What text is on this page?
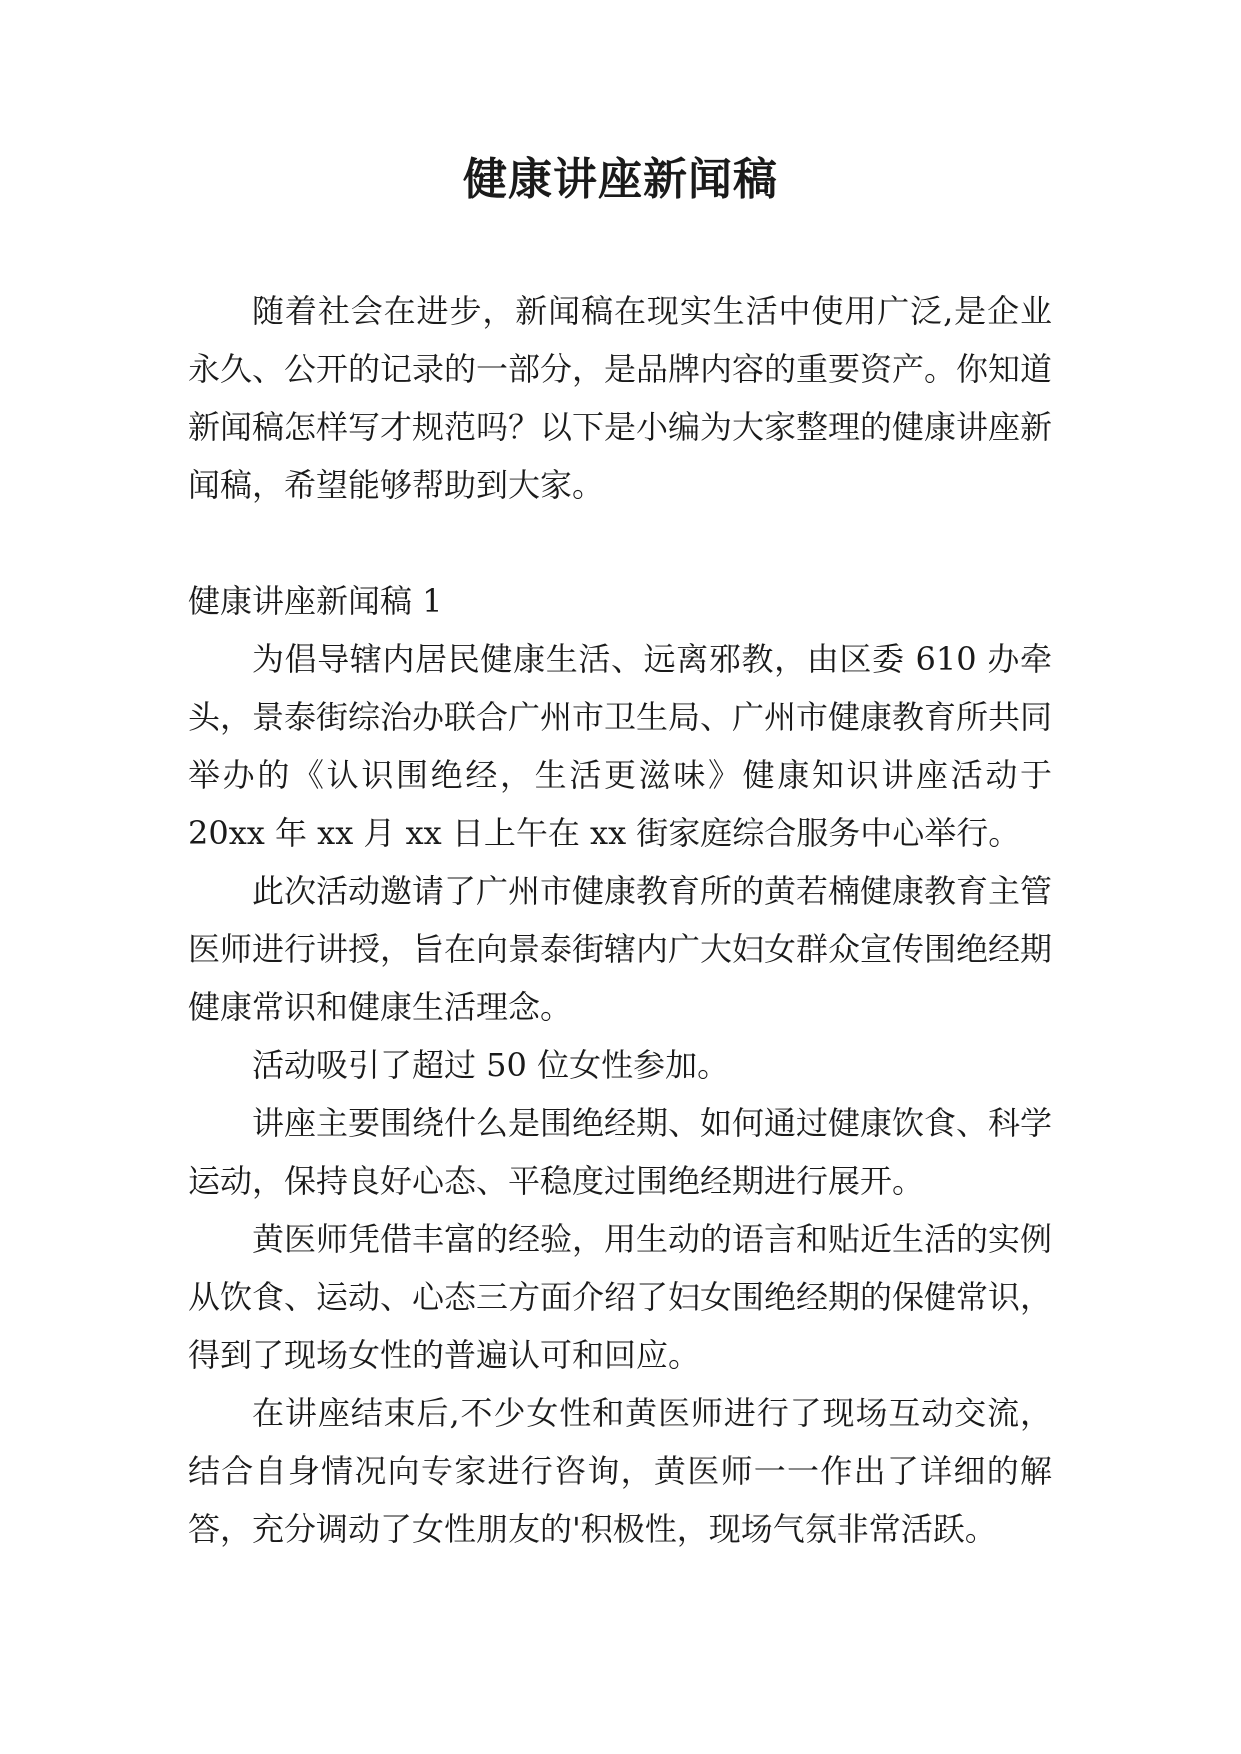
健康讲座新闻稿

随着社会在进步，新闻稿在现实生活中使用广泛,是企业永久、公开的记录的一部分，是品牌内容的重要资产。你知道新闻稿怎样写才规范吗？以下是小编为大家整理的健康讲座新闻稿，希望能够帮助到大家。

健康讲座新闻稿 1

为倡导辖内居民健康生活、远离邪教，由区委 610 办牵头，景泰街综治办联合广州市卫生局、广州市健康教育所共同举办的《认识围绝经，生活更滋味》健康知识讲座活动于 20xx 年 xx 月 xx 日上午在 xx 街家庭综合服务中心举行。

此次活动邀请了广州市健康教育所的黄若楠健康教育主管医师进行讲授，旨在向景泰街辖内广大妇女群众宣传围绝经期健康常识和健康生活理念。

活动吸引了超过 50 位女性参加。

讲座主要围绕什么是围绝经期、如何通过健康饮食、科学运动，保持良好心态、平稳度过围绝经期进行展开。

黄医师凭借丰富的经验，用生动的语言和贴近生活的实例从饮食、运动、心态三方面介绍了妇女围绝经期的保健常识，得到了现场女性的普遍认可和回应。

在讲座结束后,不少女性和黄医师进行了现场互动交流，结合自身情况向专家进行咨询，黄医师一一作出了详细的解答，充分调动了女性朋友的'积极性，现场气氛非常活跃。
